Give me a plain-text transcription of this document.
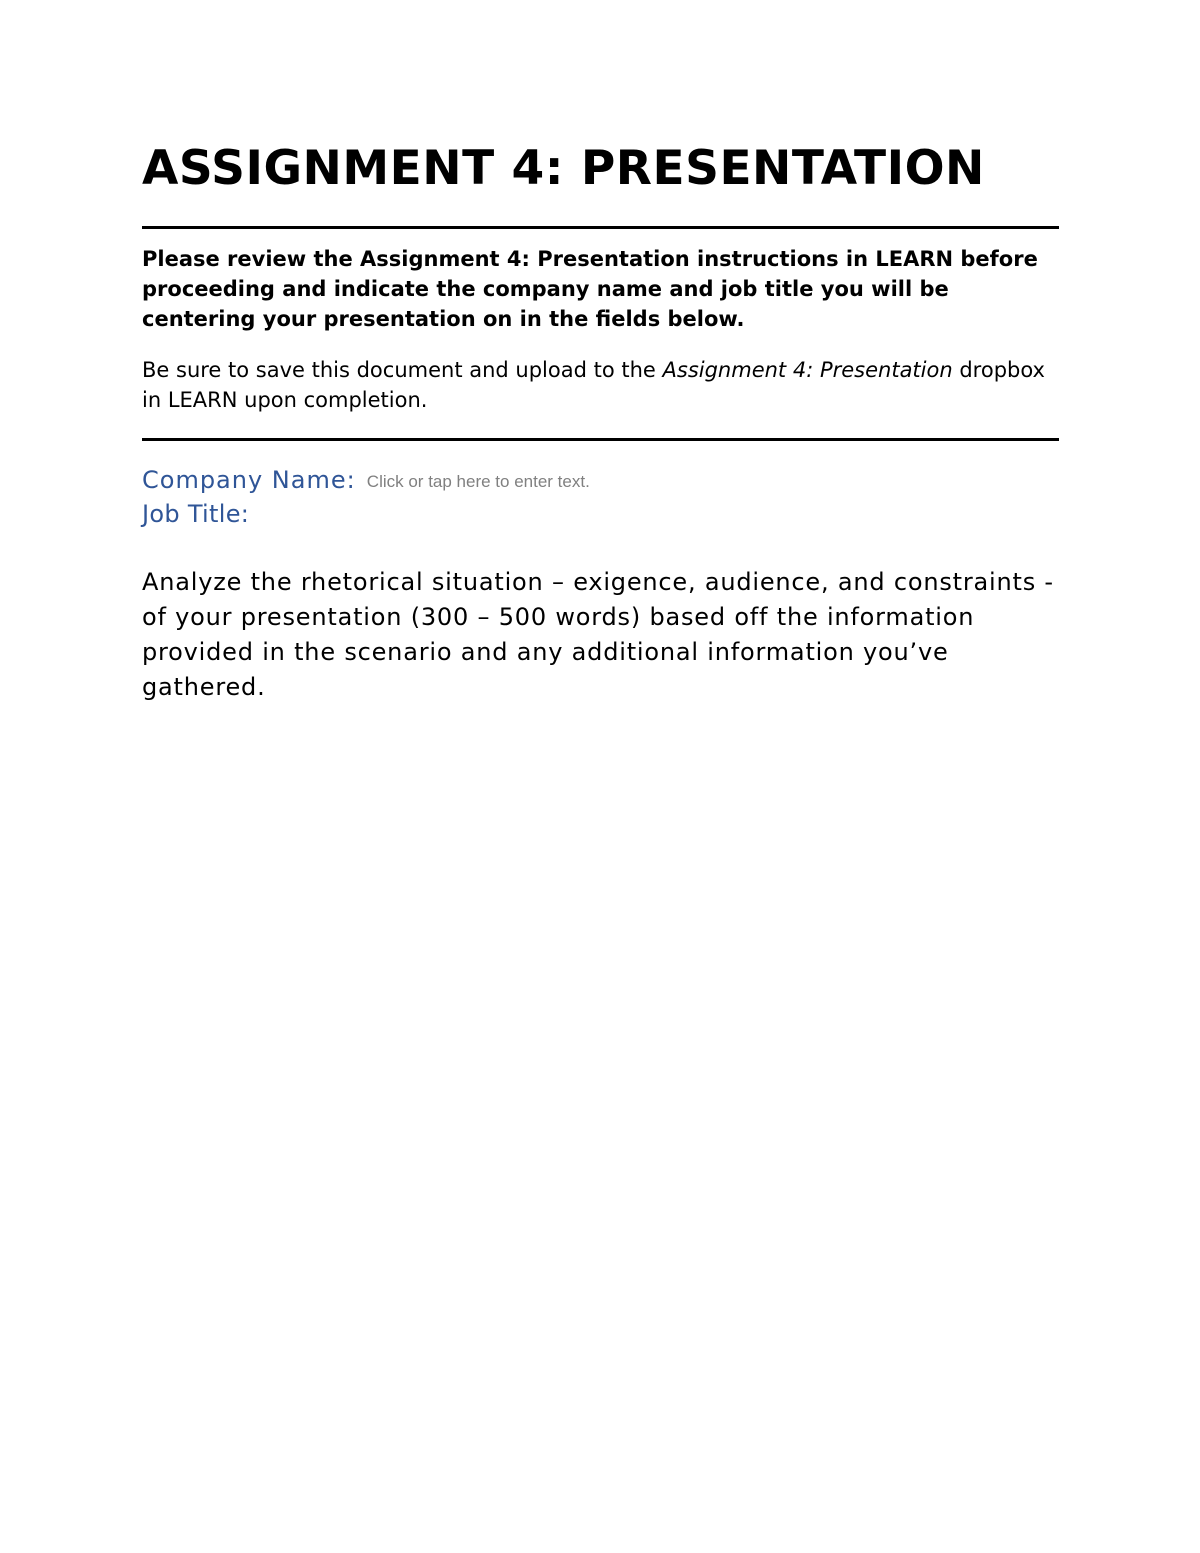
ASSIGNMENT 4: PRESENTATION

Please review the Assignment 4: Presentation instructions in LEARN before proceeding and indicate the company name and job title you will be centering your presentation on in the fields below.

Be sure to save this document and upload to the Assignment 4: Presentation dropbox in LEARN upon completion.

Company Name: Click or tap here to enter text.
Job Title:

Analyze the rhetorical situation – exigence, audience, and constraints - of your presentation (300 – 500 words) based off the information provided in the scenario and any additional information you’ve gathered.
